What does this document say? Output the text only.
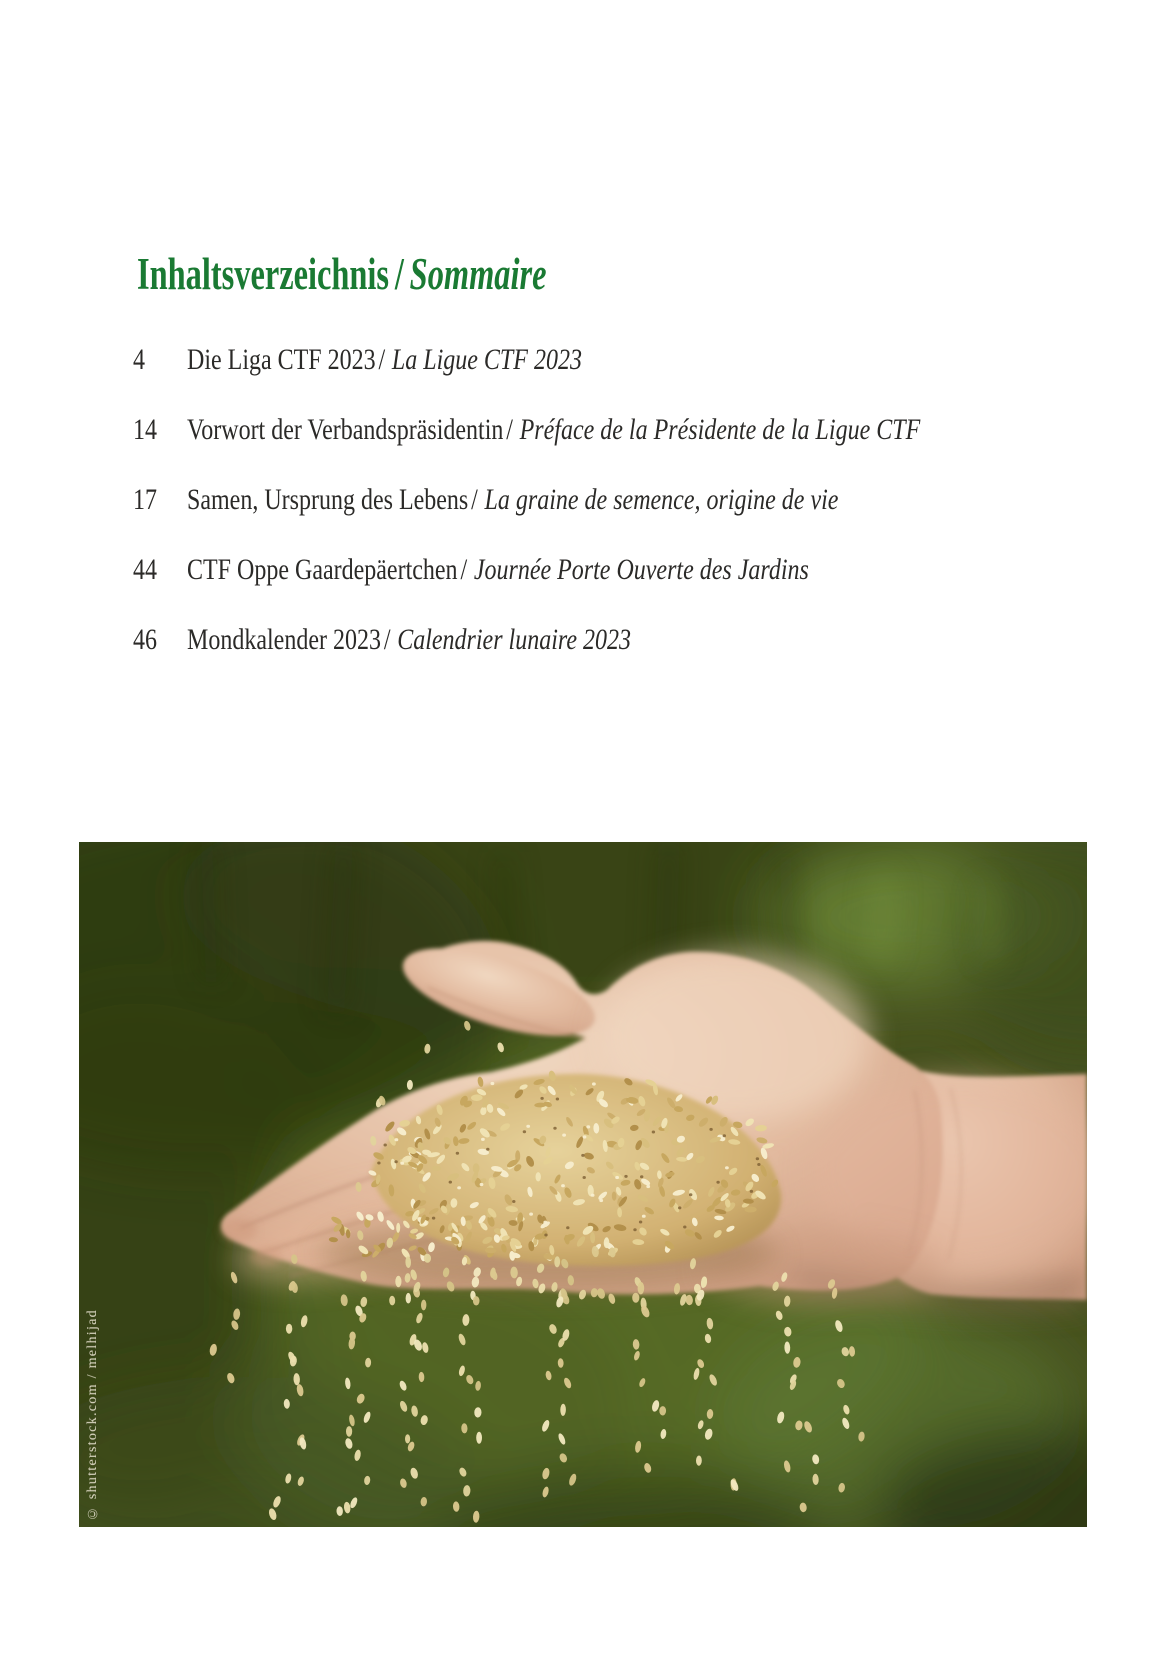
Inhaltsverzeichnis / Sommaire
4 Die Liga CTF 2023/ La Ligue CTF 2023
14 Vorwort der Verbandspräsidentin/ Préface de la Présidente de la Ligue CTF
17 Samen, Ursprung des Lebens/ La graine de semence, origine de vie
44 CTF Oppe Gaardepäertchen/ Journée Porte Ouverte des Jardins
46 Mondkalender 2023/ Calendrier lunaire 2023
© shutterstock.com / melhijad
